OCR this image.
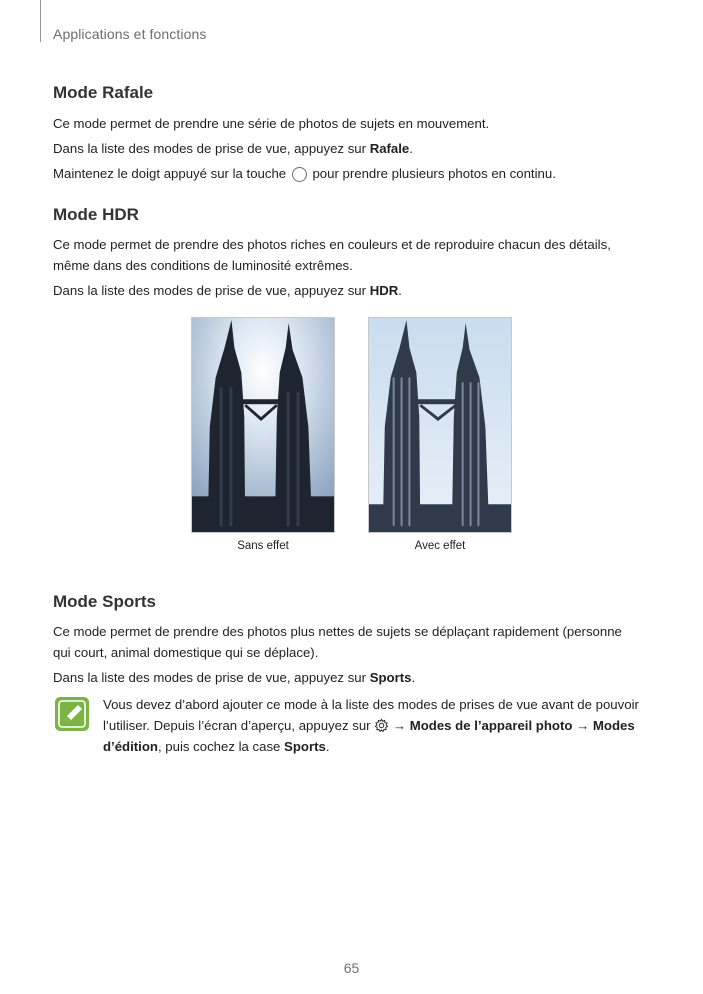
Applications et fonctions
Mode Rafale
Ce mode permet de prendre une série de photos de sujets en mouvement.
Dans la liste des modes de prise de vue, appuyez sur Rafale.
Maintenez le doigt appuyé sur la touche  pour prendre plusieurs photos en continu.
Mode HDR
Ce mode permet de prendre des photos riches en couleurs et de reproduire chacun des détails, même dans des conditions de luminosité extrêmes.
Dans la liste des modes de prise de vue, appuyez sur HDR.
Sans effet	Avec effet
Mode Sports
Ce mode permet de prendre des photos plus nettes de sujets se déplaçant rapidement (personne qui court, animal domestique qui se déplace).
Dans la liste des modes de prise de vue, appuyez sur Sports.
Vous devez d’abord ajouter ce mode à la liste des modes de prises de vue avant de pouvoir l’utiliser. Depuis l’écran d’aperçu, appuyez sur  → Modes de l’appareil photo → Modes d’édition, puis cochez la case Sports.
65
